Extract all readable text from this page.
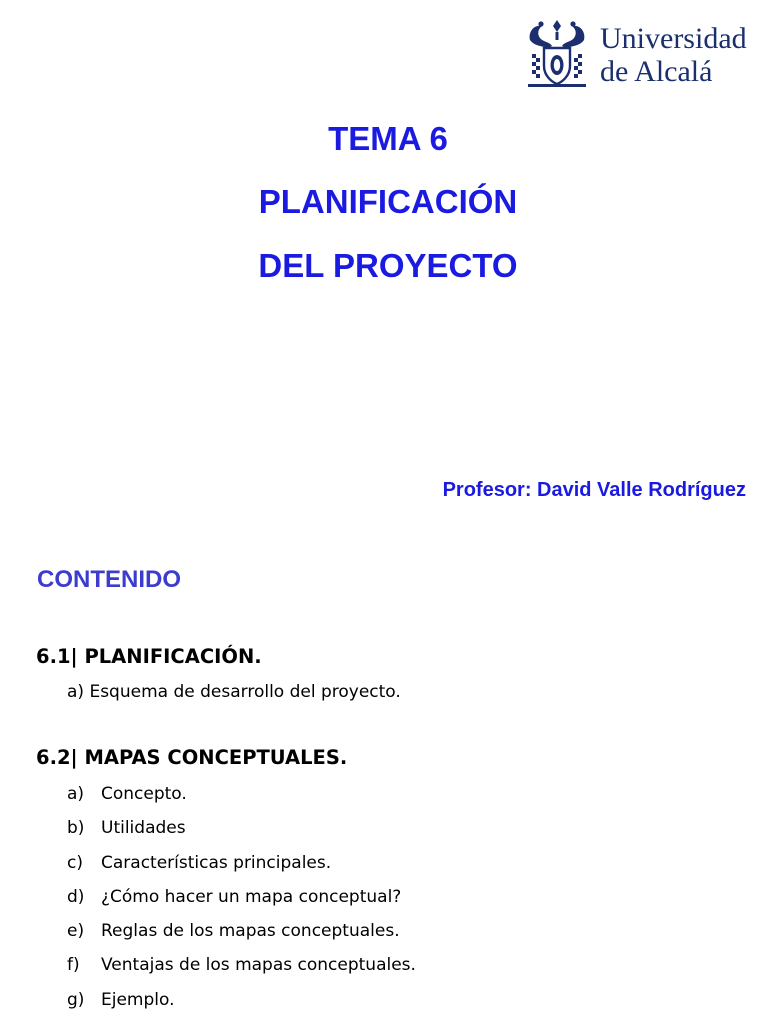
Universidad
de Alcalá
TEMA 6
PLANIFICACIÓN
DEL PROYECTO
Profesor: David Valle Rodríguez
CONTENIDO
6.1| PLANIFICACIÓN.
a) Esquema de desarrollo del proyecto.
6.2| MAPAS CONCEPTUALES.
a) Concepto.
b) Utilidades
c) Características principales.
d) ¿Cómo hacer un mapa conceptual?
e) Reglas de los mapas conceptuales.
f) Ventajas de los mapas conceptuales.
g) Ejemplo.
